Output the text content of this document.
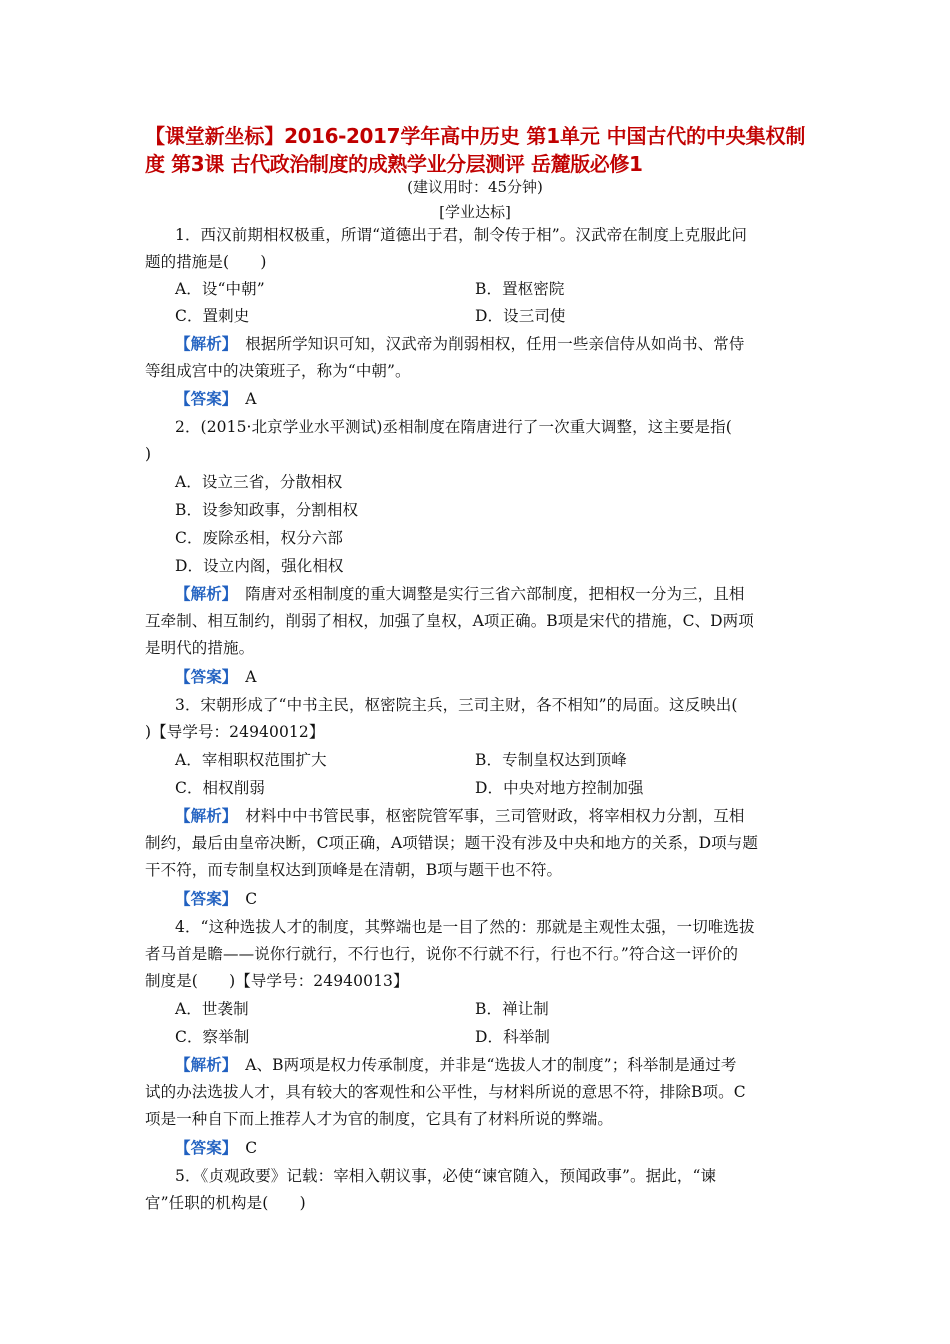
【课堂新坐标】2016-2017学年高中历史 第1单元 中国古代的中央集权制度 第3课 古代政治制度的成熟学业分层测评 岳麓版必修1
(建议用时：45分钟)
[学业达标]
1．西汉前期相权极重，所谓“道德出于君，制令传于相”。汉武帝在制度上克服此问
题的措施是(　　)
A．设“中朝”	B．置枢密院
C．置刺史	D．设三司使
【解析】　 根据所学知识可知，汉武帝为削弱相权，任用一些亲信侍从如尚书、常侍
等组成宫中的决策班子，称为“中朝”。
【答案】　 A
2．(2015·北京学业水平测试)丞相制度在隋唐进行了一次重大调整，这主要是指(
)
A．设立三省，分散相权
B．设参知政事，分割相权
C．废除丞相，权分六部
D．设立内阁，强化相权
【解析】　 隋唐对丞相制度的重大调整是实行三省六部制度，把相权一分为三，且相
互牵制、相互制约，削弱了相权，加强了皇权，A项正确。B项是宋代的措施，C、D两项
是明代的措施。
【答案】　 A
3．宋朝形成了“中书主民，枢密院主兵，三司主财，各不相知”的局面。这反映出(
)【导学号：24940012】
A．宰相职权范围扩大	B．专制皇权达到顶峰
C．相权削弱	D．中央对地方控制加强
【解析】　 材料中中书管民事，枢密院管军事，三司管财政，将宰相权力分割，互相
制约，最后由皇帝决断，C项正确，A项错误；题干没有涉及中央和地方的关系，D项与题
干不符，而专制皇权达到顶峰是在清朝，B项与题干也不符。
【答案】　 C
4．“这种选拔人才的制度，其弊端也是一目了然的：那就是主观性太强，一切唯选拔
者马首是瞻——说你行就行，不行也行，说你不行就不行，行也不行。”符合这一评价的
制度是(　　)【导学号：24940013】
A．世袭制	B．禅让制
C．察举制	D．科举制
【解析】　 A、B两项是权力传承制度，并非是“选拔人才的制度”；科举制是通过考
试的办法选拔人才，具有较大的客观性和公平性，与材料所说的意思不符，排除B项。C
项是一种自下而上推荐人才为官的制度，它具有了材料所说的弊端。
【答案】　 C
5．《贞观政要》记载：宰相入朝议事，必使“谏官随入，预闻政事”。据此，“谏
官”任职的机构是(　　)
